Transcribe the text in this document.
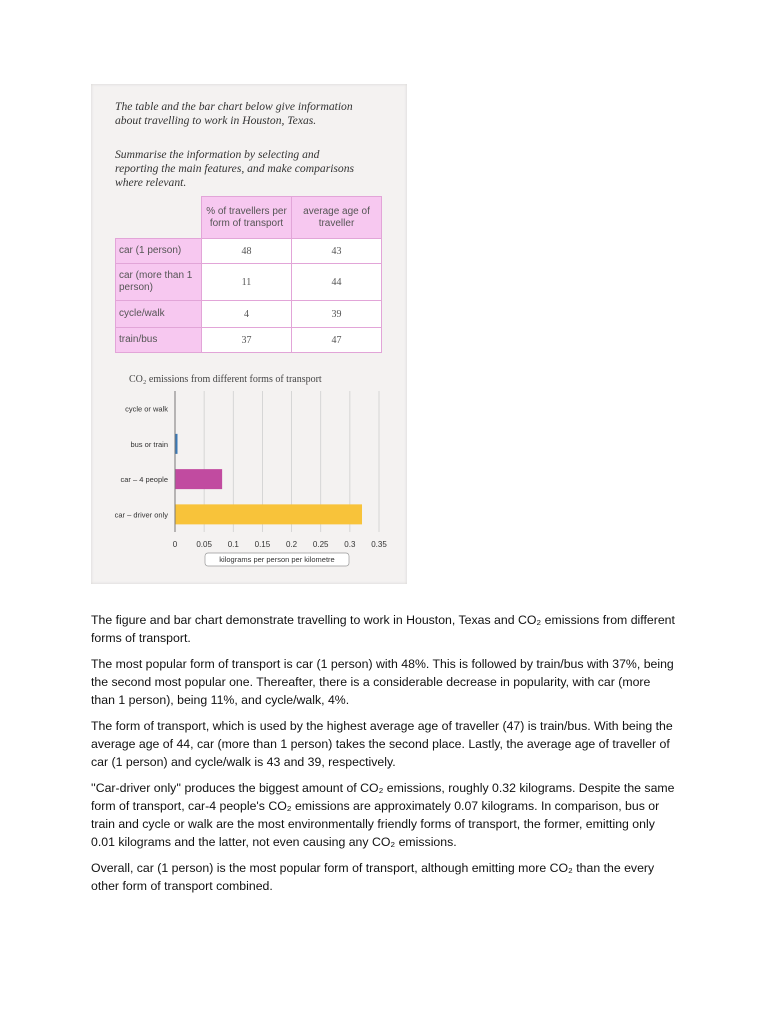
The table and the bar chart below give information about travelling to work in Houston, Texas.
Summarise the information by selecting and reporting the main features, and make comparisons where relevant.
	% of travellers per form of transport	average age of traveller
car (1 person)	48	43
car (more than 1 person)	11	44
cycle/walk	4	39
train/bus	37	47
CO₂ emissions from different forms of transport
0 0.05 0.1 0.15 0.2 0.25 0.3 0.35
cycle or walk
bus or train
car – 4 people
car – driver only
kilograms per person per kilometre

The figure and bar chart demonstrate travelling to work in Houston, Texas and CO₂ emissions from different forms of transport.

The most popular form of transport is car (1 person) with 48%. This is followed by train/bus with 37%, being the second most popular one. Thereafter, there is a considerable decrease in popularity, with car (more than 1 person), being 11%, and cycle/walk, 4%.

The form of transport, which is used by the highest average age of traveller (47) is train/bus. With being the average age of 44, car (more than 1 person) takes the second place. Lastly, the average age of traveller of car (1 person) and cycle/walk is 43 and 39, respectively.

''Car-driver only'' produces the biggest amount of CO₂ emissions, roughly 0.32 kilograms. Despite the same form of transport, car-4 people's CO₂ emissions are approximately 0.07 kilograms. In comparison, bus or train and cycle or walk are the most environmentally friendly forms of transport, the former, emitting only 0.01 kilograms and the latter, not even causing any CO₂ emissions.

Overall, car (1 person) is the most popular form of transport, although emitting more CO₂ than the every other form of transport combined.
